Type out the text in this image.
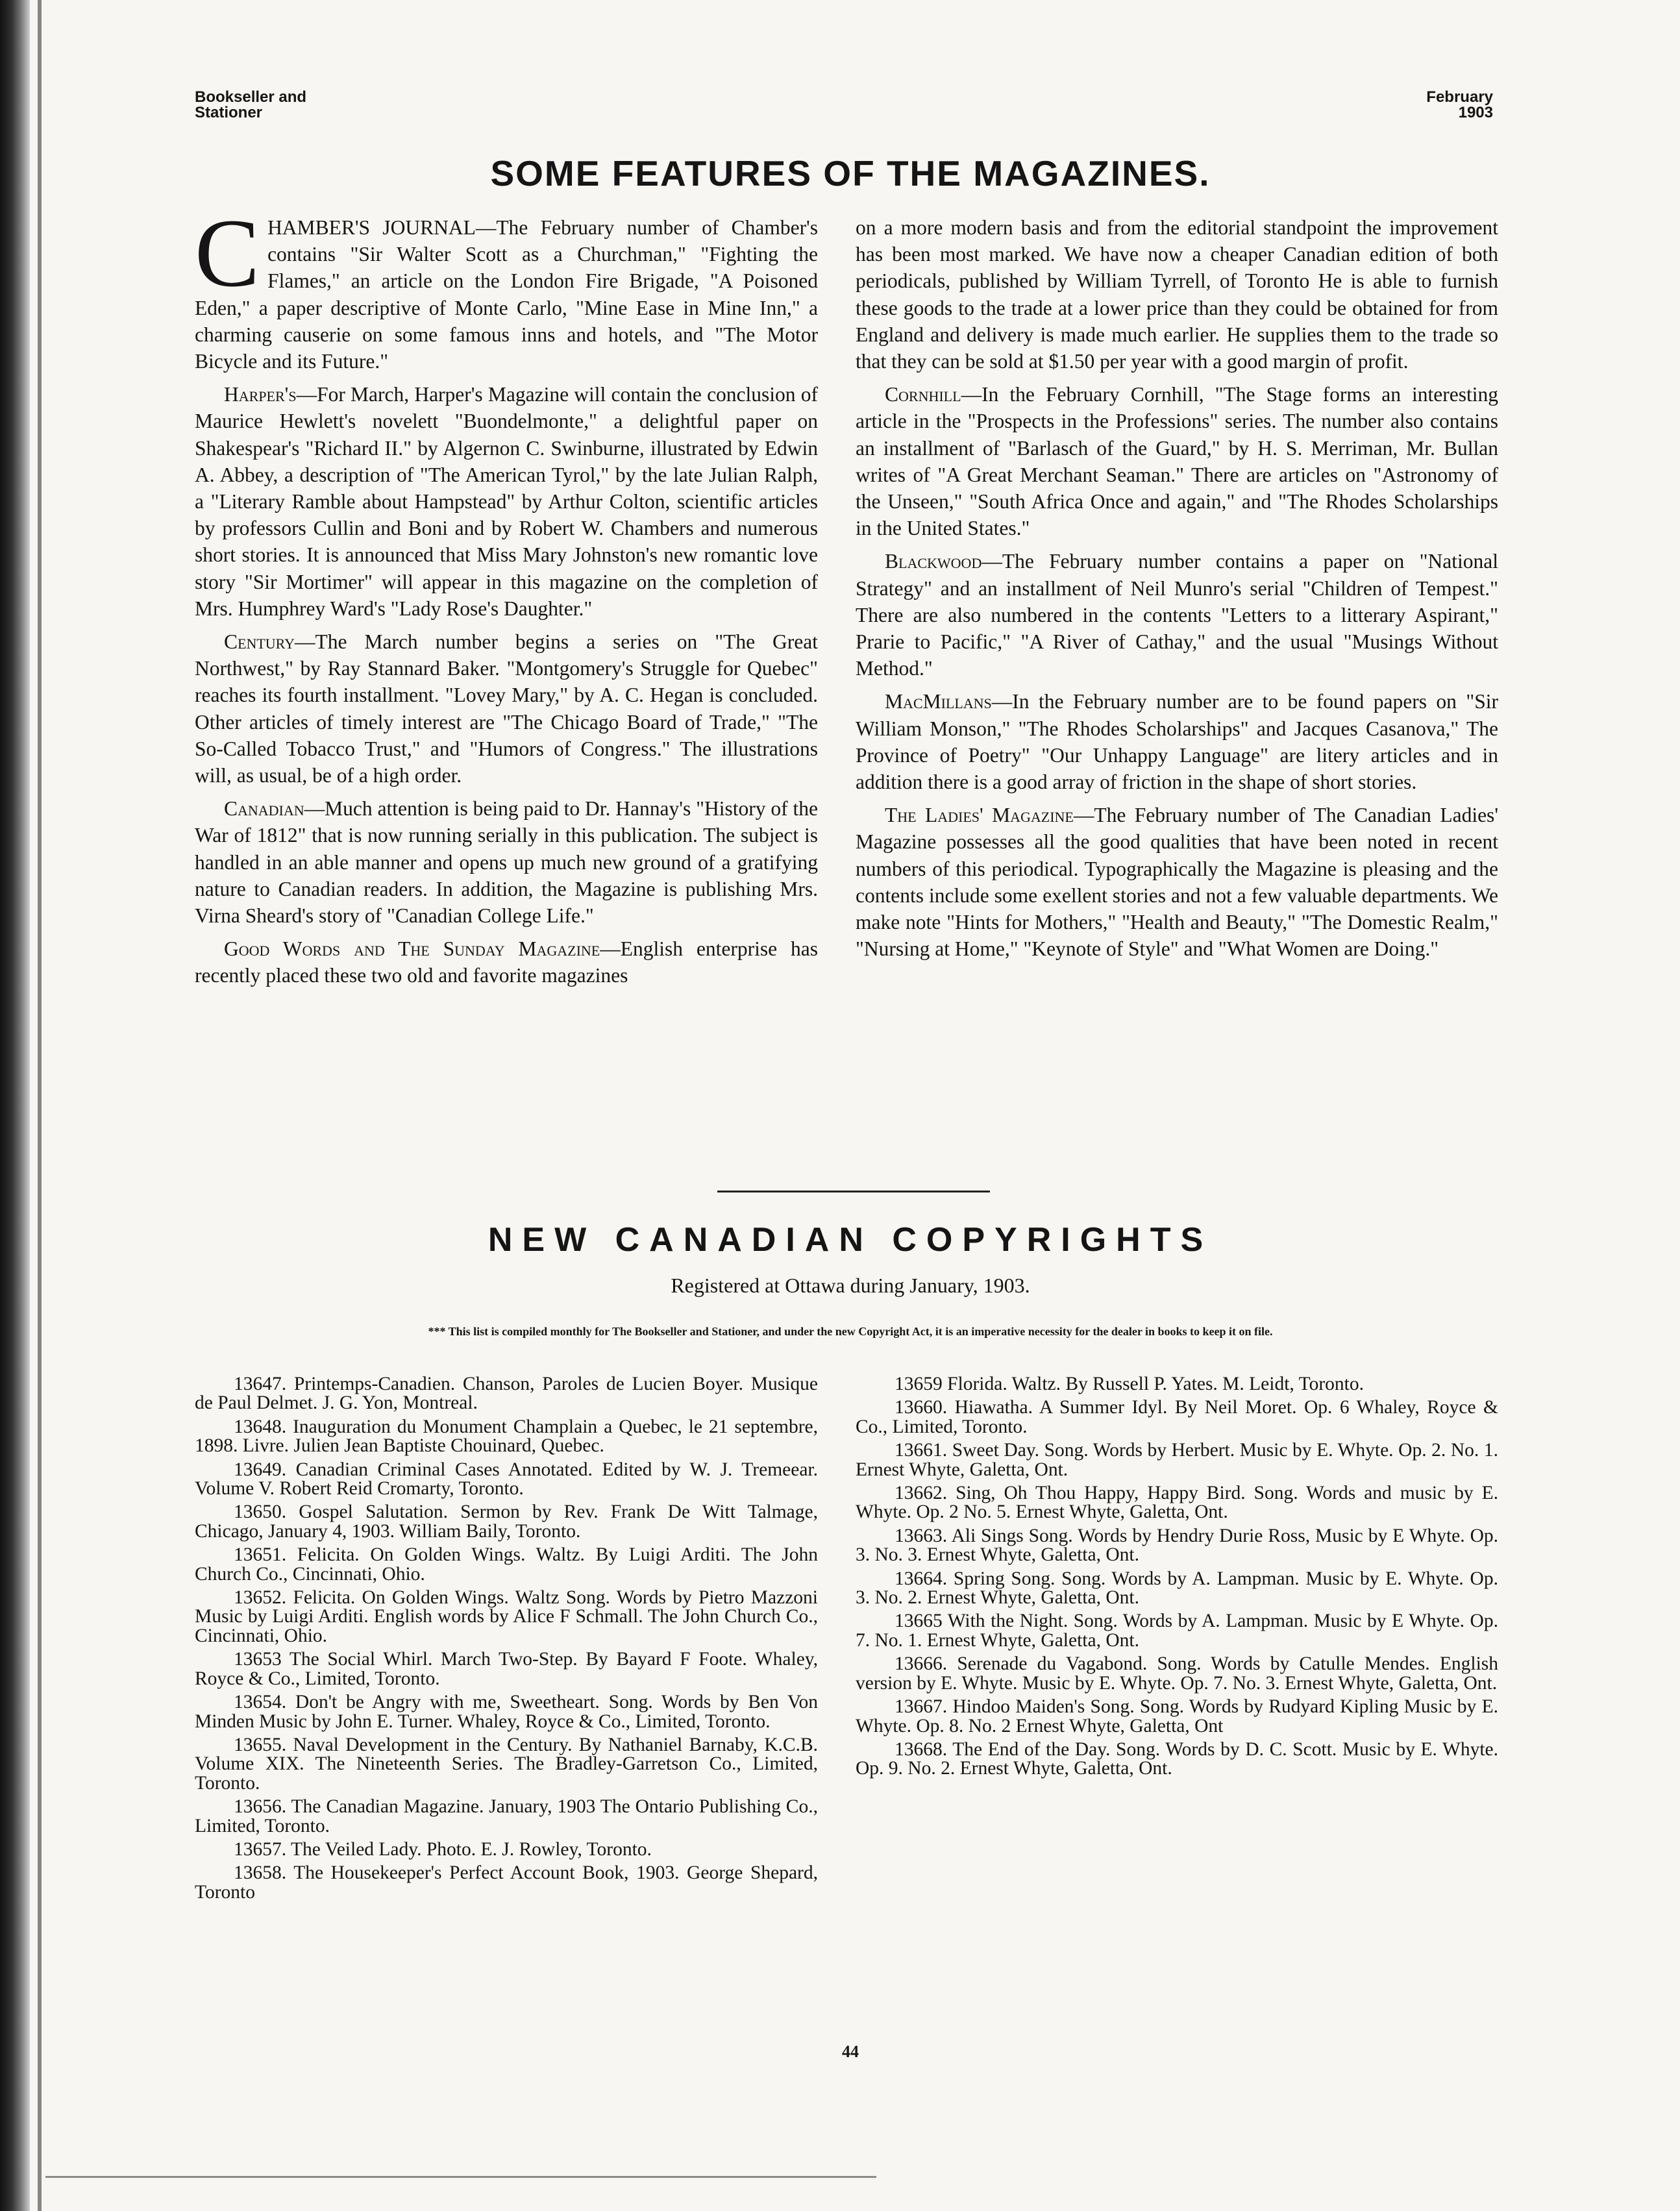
Bookseller and
Stationer
February
1903
SOME FEATURES OF THE MAGAZINES.

CHAMBER'S JOURNAL—The February number of Chamber's contains "Sir Walter Scott as a Churchman," "Fighting the Flames," an article on the London Fire Brigade, "A Poisoned Eden," a paper descriptive of Monte Carlo, "Mine Ease in Mine Inn," a charming causerie on some famous inns and hotels, and "The Motor Bicycle and its Future."

Harper's—For March, Harper's Magazine will contain the conclusion of Maurice Hewlett's novelett "Buondelmonte," a delightful paper on Shakespear's "Richard II." by Algernon C. Swinburne, illustrated by Edwin A. Abbey, a description of "The American Tyrol," by the late Julian Ralph, a "Literary Ramble about Hampstead" by Arthur Colton, scientific articles by professors Cullin and Boni and by Robert W. Chambers and numerous short stories. It is announced that Miss Mary Johnston's new romantic love story "Sir Mortimer" will appear in this magazine on the completion of Mrs. Humphrey Ward's "Lady Rose's Daughter."

Century—The March number begins a series on "The Great Northwest," by Ray Stannard Baker. "Montgomery's Struggle for Quebec" reaches its fourth installment. "Lovey Mary," by A. C. Hegan is concluded. Other articles of timely interest are "The Chicago Board of Trade," "The So-Called Tobacco Trust," and "Humors of Congress." The illustrations will, as usual, be of a high order.

Canadian—Much attention is being paid to Dr. Hannay's "History of the War of 1812" that is now running serially in this publication. The subject is handled in an able manner and opens up much new ground of a gratifying nature to Canadian readers. In addition, the Magazine is publishing Mrs. Virna Sheard's story of "Canadian College Life."

Good Words and The Sunday Magazine—English enterprise has recently placed these two old and favorite magazines

on a more modern basis and from the editorial standpoint the improvement has been most marked. We have now a cheaper Canadian edition of both periodicals, published by William Tyrrell, of Toronto He is able to furnish these goods to the trade at a lower price than they could be obtained for from England and delivery is made much earlier. He supplies them to the trade so that they can be sold at $1.50 per year with a good margin of profit.

Cornhill—In the February Cornhill, "The Stage forms an interesting article in the "Prospects in the Professions" series. The number also contains an installment of "Barlasch of the Guard," by H. S. Merriman, Mr. Bullan writes of "A Great Merchant Seaman." There are articles on "Astronomy of the Unseen," "South Africa Once and again," and "The Rhodes Scholarships in the United States."

Blackwood—The February number contains a paper on "National Strategy" and an installment of Neil Munro's serial "Children of Tempest." There are also numbered in the contents "Letters to a litterary Aspirant," Prarie to Pacific," "A River of Cathay," and the usual "Musings Without Method."

MacMillans—In the February number are to be found papers on "Sir William Monson," "The Rhodes Scholarships" and Jacques Casanova," The Province of Poetry" "Our Unhappy Language" are litery articles and in addition there is a good array of friction in the shape of short stories.

The Ladies' Magazine—The February number of The Canadian Ladies' Magazine possesses all the good qualities that have been noted in recent numbers of this periodical. Typographically the Magazine is pleasing and the contents include some exellent stories and not a few valuable departments. We make note "Hints for Mothers," "Health and Beauty," "The Domestic Realm," "Nursing at Home," "Keynote of Style" and "What Women are Doing."

NEW CANADIAN COPYRIGHTS
Registered at Ottawa during January, 1903.
*** This list is compiled monthly for The Bookseller and Stationer, and under the new Copyright Act, it is an imperative necessity for the dealer in books to keep it on file.

13647. Printemps-Canadien. Chanson, Paroles de Lucien Boyer. Musique de Paul Delmet. J. G. Yon, Montreal.

13648. Inauguration du Monument Champlain a Quebec, le 21 septembre, 1898. Livre. Julien Jean Baptiste Chouinard, Quebec.

13649. Canadian Criminal Cases Annotated. Edited by W. J. Tremeear. Volume V. Robert Reid Cromarty, Toronto.

13650. Gospel Salutation. Sermon by Rev. Frank De Witt Talmage, Chicago, January 4, 1903. William Baily, Toronto.

13651. Felicita. On Golden Wings. Waltz. By Luigi Arditi. The John Church Co., Cincinnati, Ohio.

13652. Felicita. On Golden Wings. Waltz Song. Words by Pietro Mazzoni Music by Luigi Arditi. English words by Alice F Schmall. The John Church Co., Cincinnati, Ohio.

13653 The Social Whirl. March Two-Step. By Bayard F Foote. Whaley, Royce & Co., Limited, Toronto.

13654. Don't be Angry with me, Sweetheart. Song. Words by Ben Von Minden Music by John E. Turner. Whaley, Royce & Co., Limited, Toronto.

13655. Naval Development in the Century. By Nathaniel Barnaby, K.C.B. Volume XIX. The Nineteenth Series. The Bradley-Garretson Co., Limited, Toronto.

13656. The Canadian Magazine. January, 1903 The Ontario Publishing Co., Limited, Toronto.

13657. The Veiled Lady. Photo. E. J. Rowley, Toronto.

13658. The Housekeeper's Perfect Account Book, 1903. George Shepard, Toronto

13659 Florida. Waltz. By Russell P. Yates. M. Leidt, Toronto.

13660. Hiawatha. A Summer Idyl. By Neil Moret. Op. 6 Whaley, Royce & Co., Limited, Toronto.

13661. Sweet Day. Song. Words by Herbert. Music by E. Whyte. Op. 2. No. 1. Ernest Whyte, Galetta, Ont.

13662. Sing, Oh Thou Happy, Happy Bird. Song. Words and music by E. Whyte. Op. 2 No. 5. Ernest Whyte, Galetta, Ont.

13663. Ali Sings Song. Words by Hendry Durie Ross, Music by E Whyte. Op. 3. No. 3. Ernest Whyte, Galetta, Ont.

13664. Spring Song. Song. Words by A. Lampman. Music by E. Whyte. Op. 3. No. 2. Ernest Whyte, Galetta, Ont.

13665 With the Night. Song. Words by A. Lampman. Music by E Whyte. Op. 7. No. 1. Ernest Whyte, Galetta, Ont.

13666. Serenade du Vagabond. Song. Words by Catulle Mendes. English version by E. Whyte. Music by E. Whyte. Op. 7. No. 3. Ernest Whyte, Galetta, Ont.

13667. Hindoo Maiden's Song. Song. Words by Rudyard Kipling Music by E. Whyte. Op. 8. No. 2 Ernest Whyte, Galetta, Ont

13668. The End of the Day. Song. Words by D. C. Scott. Music by E. Whyte. Op. 9. No. 2. Ernest Whyte, Galetta, Ont.

44
